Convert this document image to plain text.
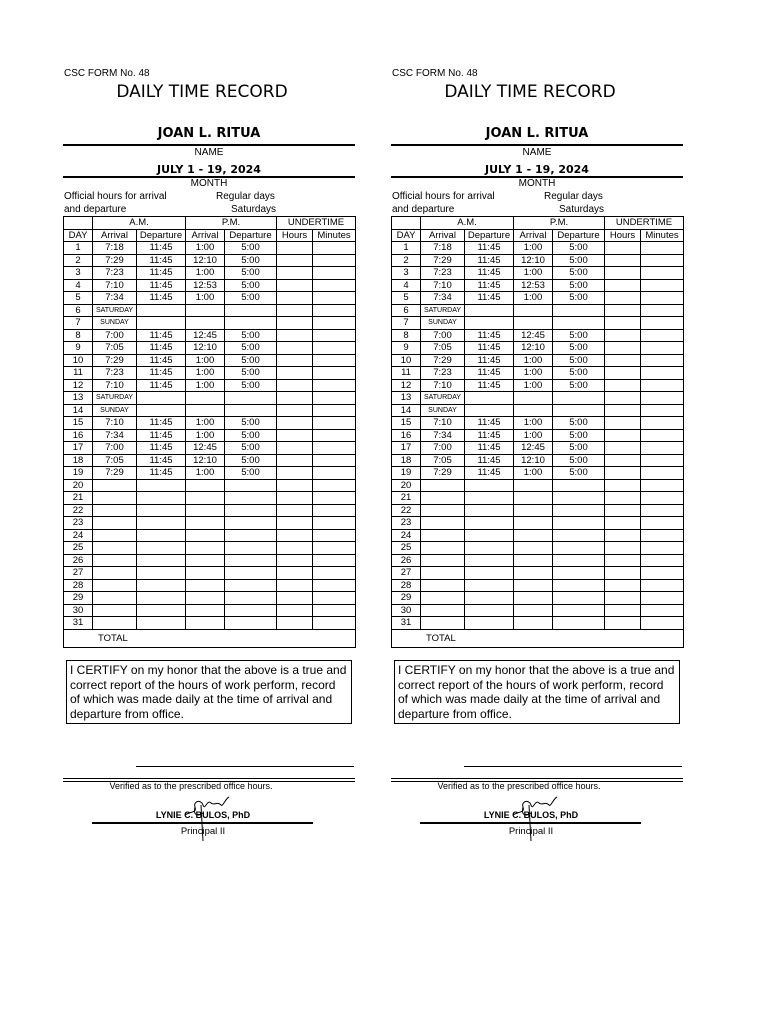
CSC FORM No. 48
DAILY TIME RECORD
JOAN L. RITUA
NAME
JULY 1 - 19, 2024
MONTH
Official hours for arrival
and departure
Regular days
Saturdays
	A.M.		P.M.		UNDERTIME	
DAY	Arrival	Departure	Arrival	Departure	Hours	Minutes
1	7:18	11:45	1:00	5:00		
2	7:29	11:45	12:10	5:00		
3	7:23	11:45	1:00	5:00		
4	7:10	11:45	12:53	5:00		
5	7:34	11:45	1:00	5:00		
6	SATURDAY					
7	SUNDAY					
8	7:00	11:45	12:45	5:00		
9	7:05	11:45	12:10	5:00		
10	7:29	11:45	1:00	5:00		
11	7:23	11:45	1:00	5:00		
12	7:10	11:45	1:00	5:00		
13	SATURDAY					
14	SUNDAY					
15	7:10	11:45	1:00	5:00		
16	7:34	11:45	1:00	5:00		
17	7:00	11:45	12:45	5:00		
18	7:05	11:45	12:10	5:00		
19	7:29	11:45	1:00	5:00		
20						
21						
22						
23						
24						
25						
26						
27						
28						
29						
30						
31						
TOTAL						
I CERTIFY on my honor that the above is a true and correct report of the hours of work perform, record of which was made daily at the time of arrival and departure from office.
Verified as to the prescribed office hours.
LYNIE C. BULOS, PhD
Principal II
CSC FORM No. 48
DAILY TIME RECORD
JOAN L. RITUA
NAME
JULY 1 - 19, 2024
MONTH
Official hours for arrival
and departure
Regular days
Saturdays
	A.M.		P.M.		UNDERTIME	
DAY	Arrival	Departure	Arrival	Departure	Hours	Minutes
1	7:18	11:45	1:00	5:00		
2	7:29	11:45	12:10	5:00		
3	7:23	11:45	1:00	5:00		
4	7:10	11:45	12:53	5:00		
5	7:34	11:45	1:00	5:00		
6	SATURDAY					
7	SUNDAY					
8	7:00	11:45	12:45	5:00		
9	7:05	11:45	12:10	5:00		
10	7:29	11:45	1:00	5:00		
11	7:23	11:45	1:00	5:00		
12	7:10	11:45	1:00	5:00		
13	SATURDAY					
14	SUNDAY					
15	7:10	11:45	1:00	5:00		
16	7:34	11:45	1:00	5:00		
17	7:00	11:45	12:45	5:00		
18	7:05	11:45	12:10	5:00		
19	7:29	11:45	1:00	5:00		
20						
21						
22						
23						
24						
25						
26						
27						
28						
29						
30						
31						
TOTAL						
I CERTIFY on my honor that the above is a true and correct report of the hours of work perform, record of which was made daily at the time of arrival and departure from office.
Verified as to the prescribed office hours.
LYNIE C. BULOS, PhD
Principal II
